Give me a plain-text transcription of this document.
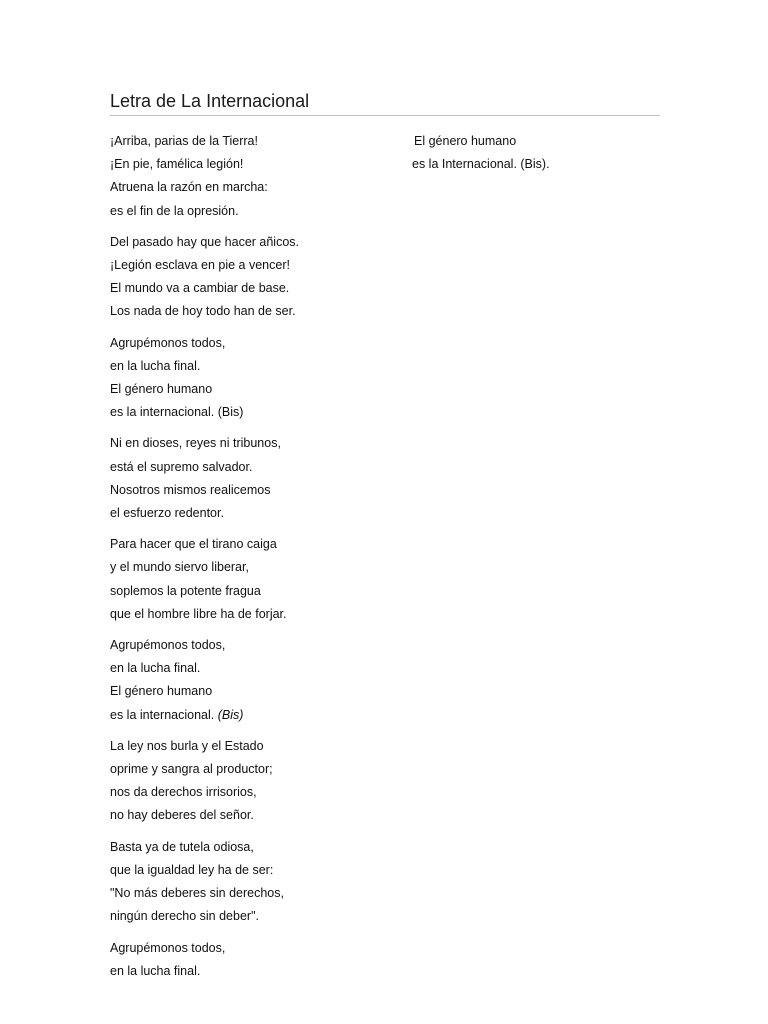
Letra de La Internacional
¡Arriba, parias de la Tierra!
¡En pie, famélica legión!
Atruena la razón en marcha:
es el fin de la opresión.
Del pasado hay que hacer añicos.
¡Legión esclava en pie a vencer!
El mundo va a cambiar de base.
Los nada de hoy todo han de ser.
Agrupémonos todos,
en la lucha final.
El género humano
es la internacional. (Bis)
Ni en dioses, reyes ni tribunos,
está el supremo salvador.
Nosotros mismos realicemos
el esfuerzo redentor.
Para hacer que el tirano caiga
y el mundo siervo liberar,
soplemos la potente fragua
que el hombre libre ha de forjar.
Agrupémonos todos,
en la lucha final.
El género humano
es la internacional. (Bis)
La ley nos burla y el Estado
oprime y sangra al productor;
nos da derechos irrisorios,
no hay deberes del señor.
Basta ya de tutela odiosa,
que la igualdad ley ha de ser:
"No más deberes sin derechos,
ningún derecho sin deber".
Agrupémonos todos,
en la lucha final.
El género humano
es la Internacional. (Bis).
